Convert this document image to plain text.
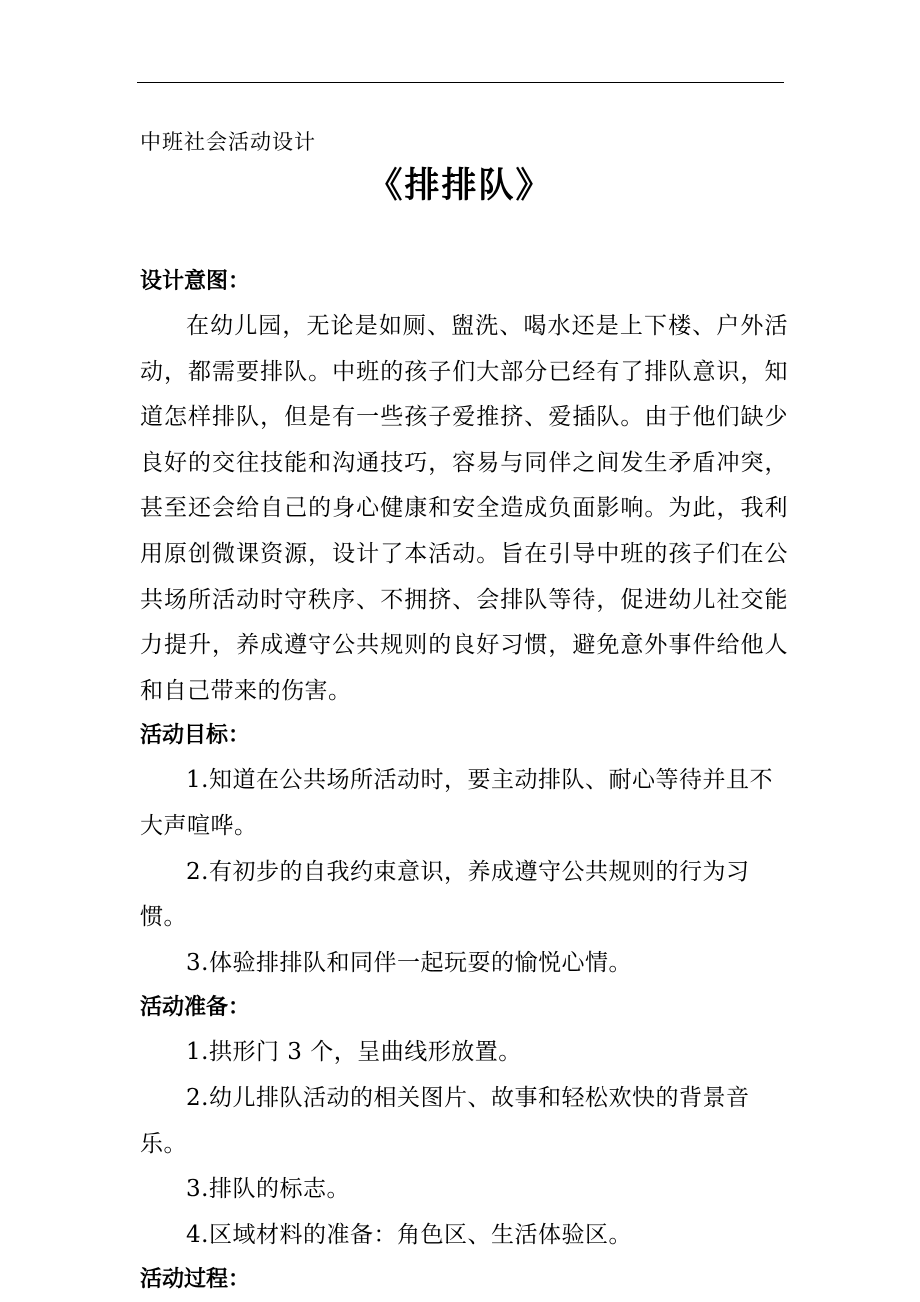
中班社会活动设计
《排排队》
设计意图：

在幼儿园，无论是如厕、盥洗、喝水还是上下楼、户外活动，都需要排队。中班的孩子们大部分已经有了排队意识，知道怎样排队，但是有一些孩子爱推挤、爱插队。由于他们缺少良好的交往技能和沟通技巧，容易与同伴之间发生矛盾冲突，甚至还会给自己的身心健康和安全造成负面影响。为此，我利用原创微课资源，设计了本活动。旨在引导中班的孩子们在公共场所活动时守秩序、不拥挤、会排队等待，促进幼儿社交能力提升，养成遵守公共规则的良好习惯，避免意外事件给他人和自己带来的伤害。

活动目标：

1.知道在公共场所活动时，要主动排队、耐心等待并且不大声喧哗。

2.有初步的自我约束意识，养成遵守公共规则的行为习惯。

3.体验排排队和同伴一起玩耍的愉悦心情。

活动准备：

1.拱形门 3 个，呈曲线形放置。

2.幼儿排队活动的相关图片、故事和轻松欢快的背景音乐。

3.排队的标志。

4.区域材料的准备：角色区、生活体验区。

活动过程：
